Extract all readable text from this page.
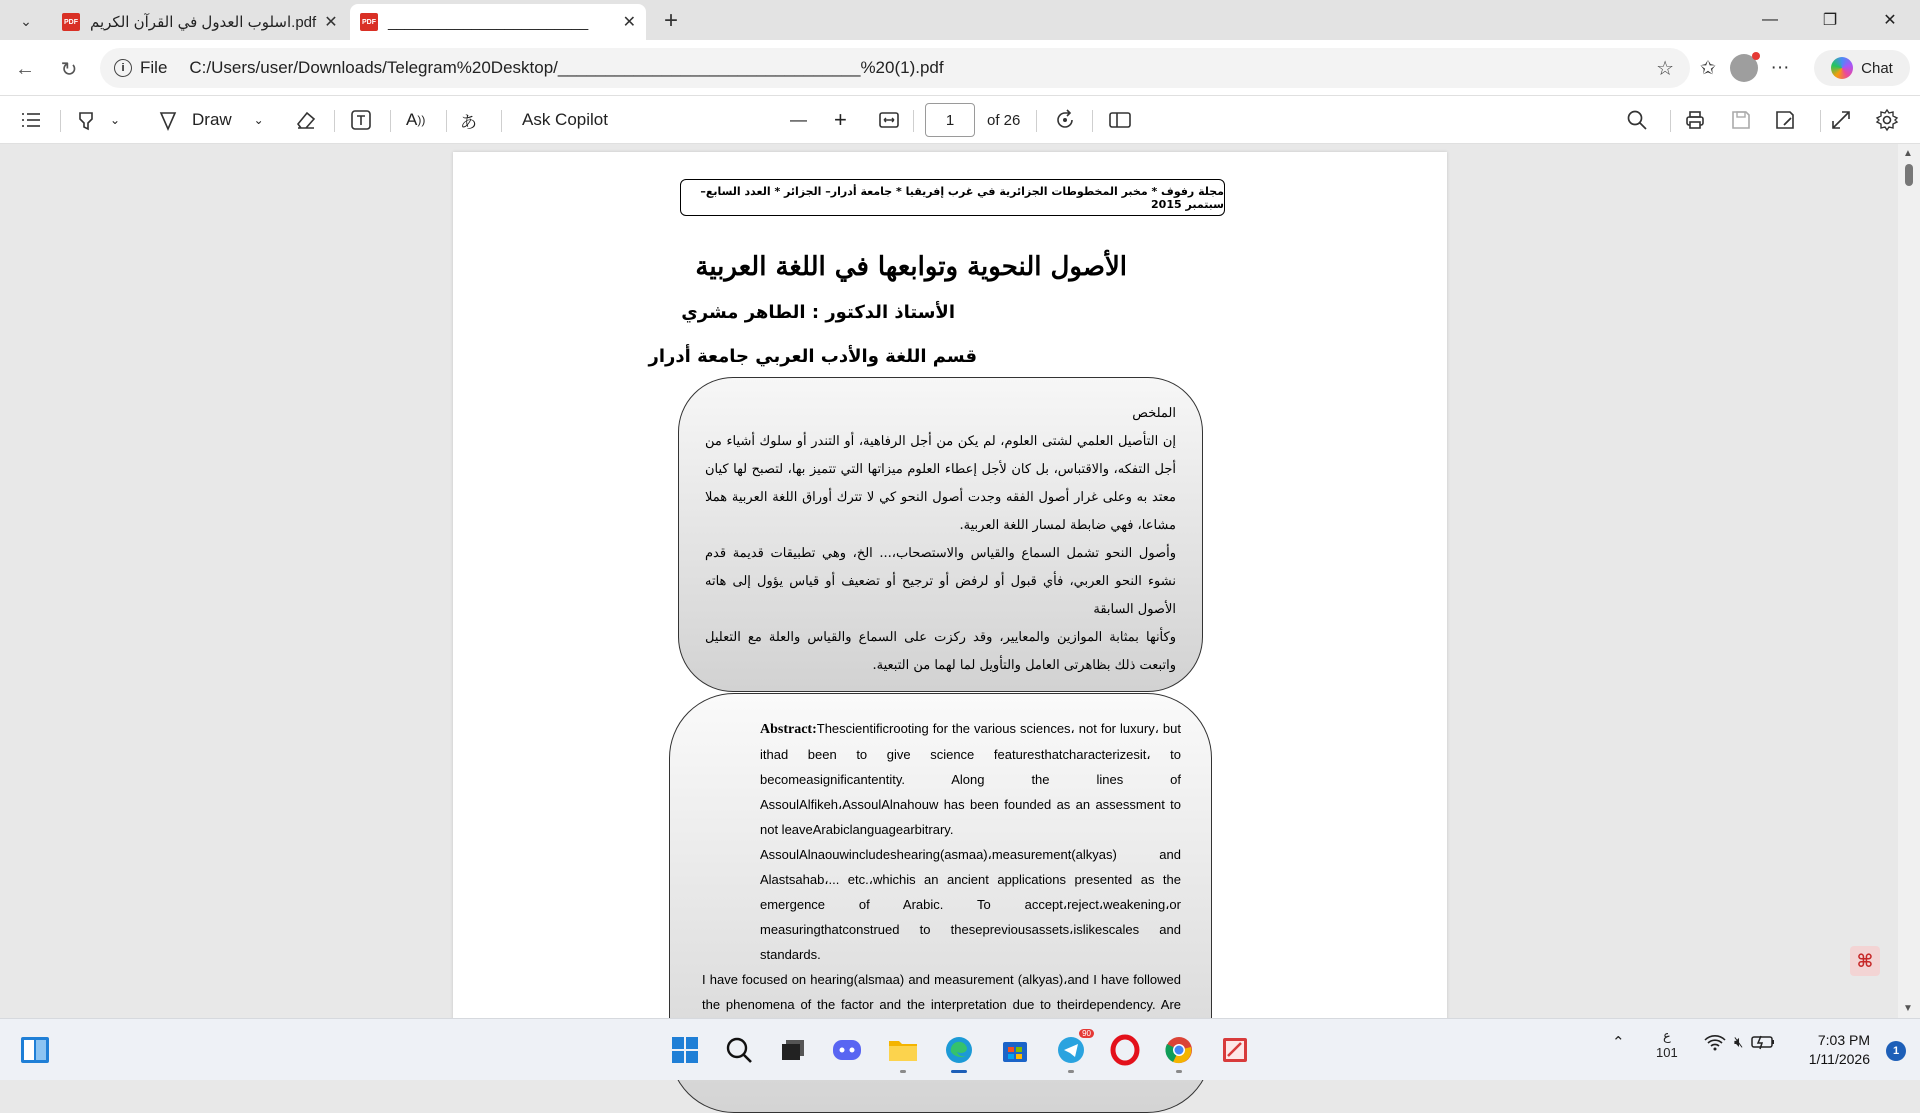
⌄	PDF اسلوب العدول في القرآن الكريم.pdf ✕	PDF ________________________	✕ +	—	❐	✕
← ↻	i File C:/Users/user/Downloads/Telegram%20Desktop/________________________________%20(1).pdf	☆ ✩	···	Chat
⌄	Draw ⌄	A )) あ	Ask Copilot	— +	1	of 26
مجلة رفوف * مخبر المخطوطات الجزائرية في غرب إفريقيا * جامعة أدرار– الجزائر * العدد السابع– سبتمبر 2015
الأصول النحوية وتوابعها في اللغة العربية
الأستاذ الدكتور : الطاهر مشري
قسم اللغة والأدب العربي جامعة أدرار

الملخص

إن التأصيل العلمي لشتى العلوم، لم يكن من أجل الرفاهية، أو التندر أو سلوك أشياء من أجل التفكه، والاقتباس، بل كان لأجل إعطاء العلوم ميزاتها التي تتميز بها، لتصبح لها كيان معتد به وعلى غرار أصول الفقه وجدت أصول النحو كي لا تترك أوراق اللغة العربية هملا مشاعا، فهي ضابطة لمسار اللغة العربية.

وأصول النحو تشمل السماع والقياس والاستصحاب،... الخ، وهي تطبيقات قديمة قدم نشوء النحو العربي، فأي قبول أو لرفض أو ترجيح أو تضعيف أو قياس يؤول إلى هاته الأصول السابقة

وكأنها بمثابة الموازين والمعايير، وقد ركزت على السماع والقياس والعلة مع التعليل واتبعت ذلك بظاهرتى العامل والتأويل لما لهما من التبعية.

Abstract:Thescientificrooting for the various sciences، not for luxury، but ithad been to give science featuresthatcharacterizesit، to becomeasignificantentity. Along the lines of AssoulAlfikeh،AssoulAlnahouw has been founded as an assessment to not leaveArabiclanguagearbitrary.

AssoulAlnaouwincludeshearing(asmaa)،measurement(alkyas) and Alastsahab،... etc.،whichis an ancient applications presented as the emergence of Arabic. To accept،reject،weakening،or measuringthatconstrued to thesepreviousassets،islikescales and standards.

I have focused on hearing(alsmaa) and measurement (alkyas)،and I have followed the phenomena of the factor and the interpretation due to theirdependency. Are

▲
▼
⌘
90
⌃	ع
101
🔇︎	7:03 PM
1/11/2026	1
